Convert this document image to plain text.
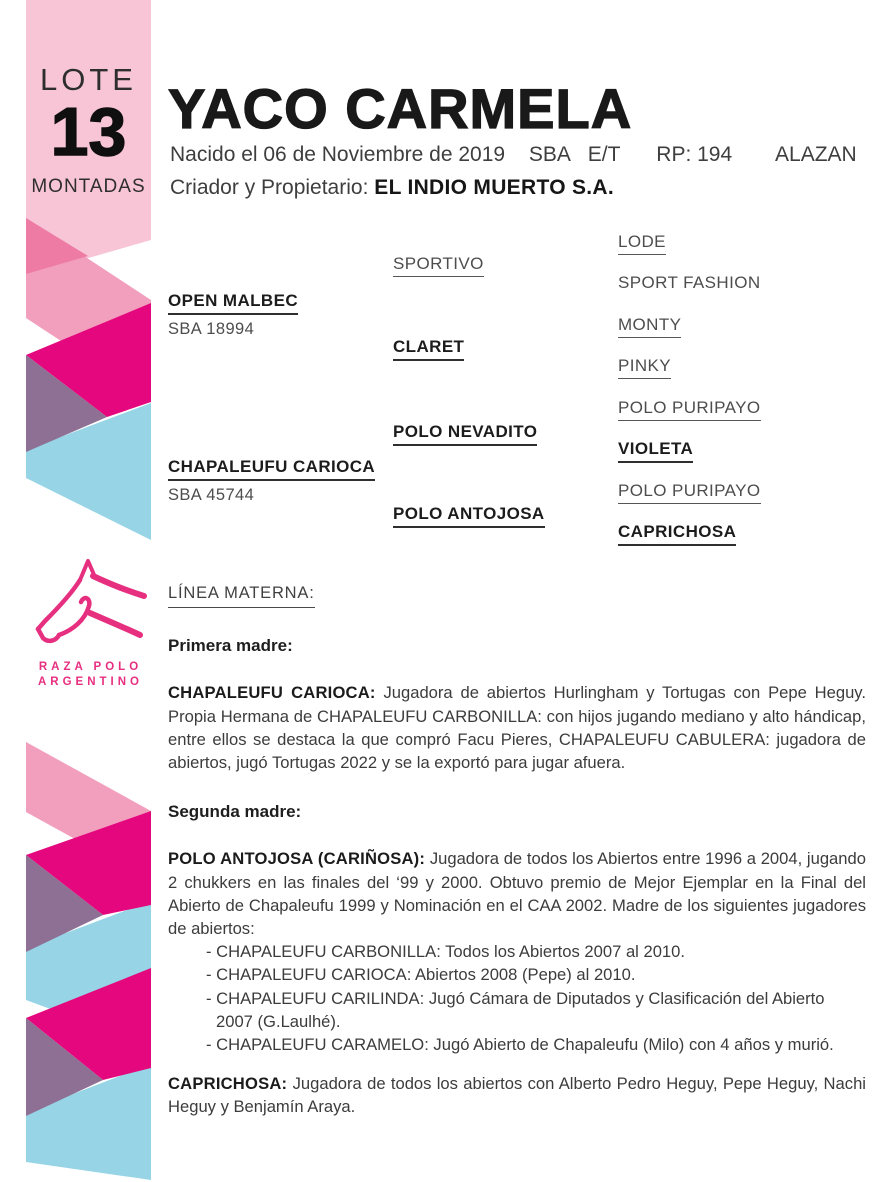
LOTE
13
MONTADAS
YACO CARMELA
Nacido el 06 de Noviembre de 2019 SBA E/T RP: 194 ALAZAN
Criador y Propietario: EL INDIO MUERTO S.A.
OPEN MALBEC
SBA 18994
CHAPALEUFU CARIOCA
SBA 45744
SPORTIVO
CLARET
POLO NEVADITO
POLO ANTOJOSA
LODE
SPORT FASHION
MONTY
PINKY
POLO PURIPAYO
VIOLETA
POLO PURIPAYO
CAPRICHOSA
RAZA POLO
ARGENTINO
LÍNEA MATERNA:
Primera madre:

CHAPALEUFU CARIOCA: Jugadora de abiertos Hurlingham y Tortugas con Pepe Heguy. Propia Hermana de CHAPALEUFU CARBONILLA: con hijos jugando mediano y alto hándicap, entre ellos se destaca la que compró Facu Pieres, CHAPALEUFU CABULERA: jugadora de abiertos, jugó Tortugas 2022 y se la exportó para jugar afuera.

Segunda madre:

POLO ANTOJOSA (CARIÑOSA): Jugadora de todos los Abiertos entre 1996 a 2004, jugando 2 chukkers en las finales del ‘99 y 2000. Obtuvo premio de Mejor Ejemplar en la Final del Abierto de Chapaleufu 1999 y Nominación en el CAA 2002. Madre de los siguientes jugadores de abiertos:

- CHAPALEUFU CARBONILLA: Todos los Abiertos 2007 al 2010.
- CHAPALEUFU CARIOCA: Abiertos 2008 (Pepe) al 2010.
- CHAPALEUFU CARILINDA: Jugó Cámara de Diputados y Clasificación del Abierto 2007 (G.Laulhé).
- CHAPALEUFU CARAMELO: Jugó Abierto de Chapaleufu (Milo) con 4 años y murió.

CAPRICHOSA: Jugadora de todos los abiertos con Alberto Pedro Heguy, Pepe Heguy, Nachi Heguy y Benjamín Araya.
